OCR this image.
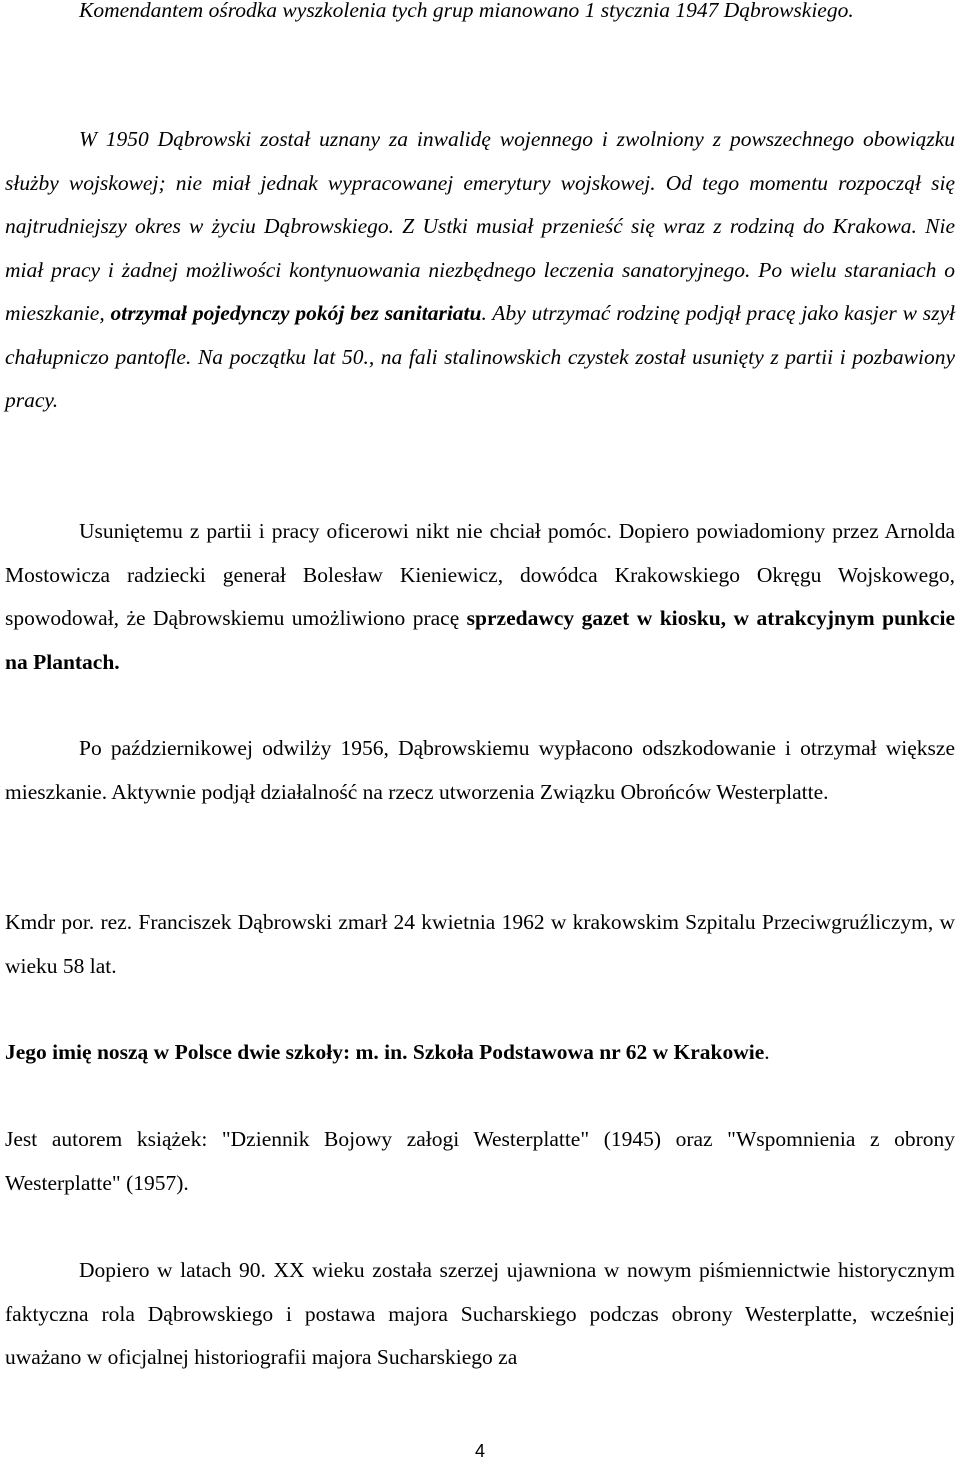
Komendantem ośrodka wyszkolenia tych grup mianowano 1 stycznia 1947 Dąbrowskiego.

W 1950 Dąbrowski został uznany za inwalidę wojennego i zwolniony z powszechnego obowiązku służby wojskowej; nie miał jednak wypracowanej emerytury wojskowej. Od tego momentu rozpoczął się najtrudniejszy okres w życiu Dąbrowskiego. Z Ustki musiał przenieść się wraz z rodziną do Krakowa. Nie miał pracy i żadnej możliwości kontynuowania niezbędnego leczenia sanatoryjnego. Po wielu staraniach o mieszkanie, otrzymał pojedynczy pokój bez sanitariatu. Aby utrzymać rodzinę podjął pracę jako kasjer w szył chałupniczo pantofle. Na początku lat 50., na fali stalinowskich czystek został usunięty z partii i pozbawiony pracy.

Usuniętemu z partii i pracy oficerowi nikt nie chciał pomóc. Dopiero powiadomiony przez Arnolda Mostowicza radziecki generał Bolesław Kieniewicz, dowódca Krakowskiego Okręgu Wojskowego, spowodował, że Dąbrowskiemu umożliwiono pracę sprzedawcy gazet w kiosku, w atrakcyjnym punkcie na Plantach.

Po październikowej odwilży 1956, Dąbrowskiemu wypłacono odszkodowanie i otrzymał większe mieszkanie. Aktywnie podjął działalność na rzecz utworzenia Związku Obrońców Westerplatte.

Kmdr por. rez. Franciszek Dąbrowski zmarł 24 kwietnia 1962 w krakowskim Szpitalu Przeciwgruźliczym, w wieku 58 lat.

Jego imię noszą w Polsce dwie szkoły: m. in. Szkoła Podstawowa nr 62 w Krakowie.

Jest autorem książek: "Dziennik Bojowy załogi Westerplatte" (1945) oraz "Wspomnienia z obrony Westerplatte" (1957).

Dopiero w latach 90. XX wieku została szerzej ujawniona w nowym piśmiennictwie historycznym faktyczna rola Dąbrowskiego i postawa majora Sucharskiego podczas obrony Westerplatte, wcześniej uważano w oficjalnej historiografii majora Sucharskiego za

4
